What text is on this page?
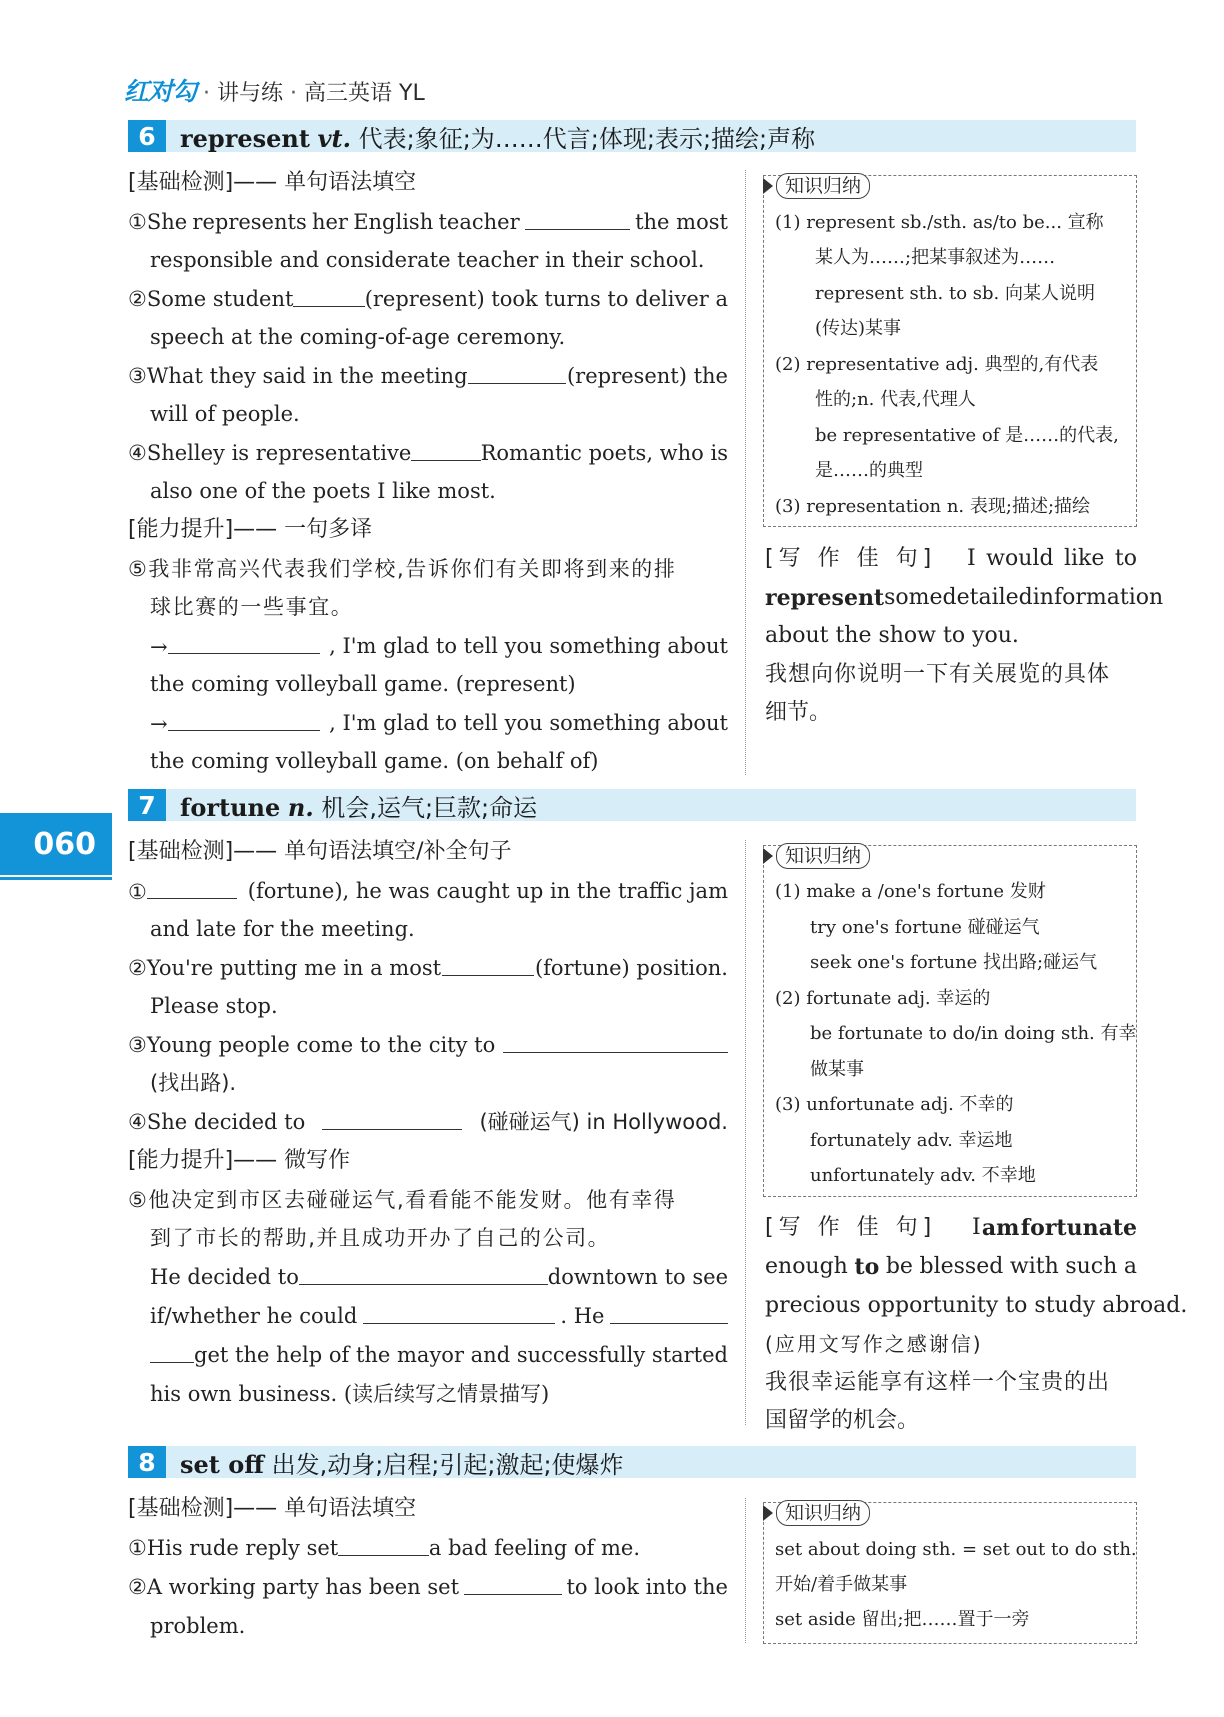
红对勾 · 讲与练 · 高三英语 YL
060
6	represent vt. 代表;象征;为……代言;体现;表示;描绘;声称
[基础检测]—— 单句语法填空
①She represents her English teacher	the most
responsible and considerate teacher in their school.
②Some student	(represent) took turns to deliver a
speech at the coming-of-age ceremony.
③What they said in the meeting	(represent) the
will of people.
④Shelley is representative	Romantic poets, who is
also one of the poets I like most.
[能力提升]—— 一句多译
⑤我非常高兴代表我们学校,告诉你们有关即将到来的排
球比赛的一些事宜。
→	, I'm glad to tell you something about
the coming volleyball game. (represent)
→	, I'm glad to tell you something about
the coming volleyball game. (on behalf of)
知识归纳
(1) represent sb./sth. as/to be... 宣称
某人为……;把某事叙述为……
represent sth. to sb. 向某人说明
(传达)某事
(2) representative adj. 典型的,有代表
性的;n. 代表,代理人
be representative of 是……的代表,
是……的典型
(3) representation n. 表现;描述;描绘
[写 作 佳 句] I would like to
represent some detailed information
about the show to you.
我想向你说明一下有关展览的具体
细节。
7	fortune n. 机会,运气;巨款;命运
[基础检测]—— 单句语法填空/补全句子
①	(fortune), he was caught up in the traffic jam
and late for the meeting.
②You're putting me in a most	(fortune) position.
Please stop.
③Young people come to the city to
(找出路).
④She decided to	(碰碰运气) in Hollywood.
[能力提升]—— 微写作
⑤他决定到市区去碰碰运气,看看能不能发财。他有幸得
到了市长的帮助,并且成功开办了自己的公司。
He decided to	downtown to see
if/whether he could	. He
get the help of the mayor and successfully started
his own business. (读后续写之情景描写)
知识归纳
(1) make a /one's fortune 发财
try one's fortune 碰碰运气
seek one's fortune 找出路;碰运气
(2) fortunate adj. 幸运的
be fortunate to do/in doing sth. 有幸
做某事
(3) unfortunate adj. 不幸的
fortunately adv. 幸运地
unfortunately adv. 不幸地
[写 作 佳 句] I am fortunate
enough to be blessed with such a
precious opportunity to study abroad.
(应用文写作之感谢信)
我很幸运能享有这样一个宝贵的出
国留学的机会。
8	set off 出发,动身;启程;引起;激起;使爆炸
[基础检测]—— 单句语法填空
①His rude reply set	a bad feeling of me.
②A working party has been set	to look into the
problem.
知识归纳
set about doing sth. = set out to do sth.
开始/着手做某事
set aside 留出;把……置于一旁
